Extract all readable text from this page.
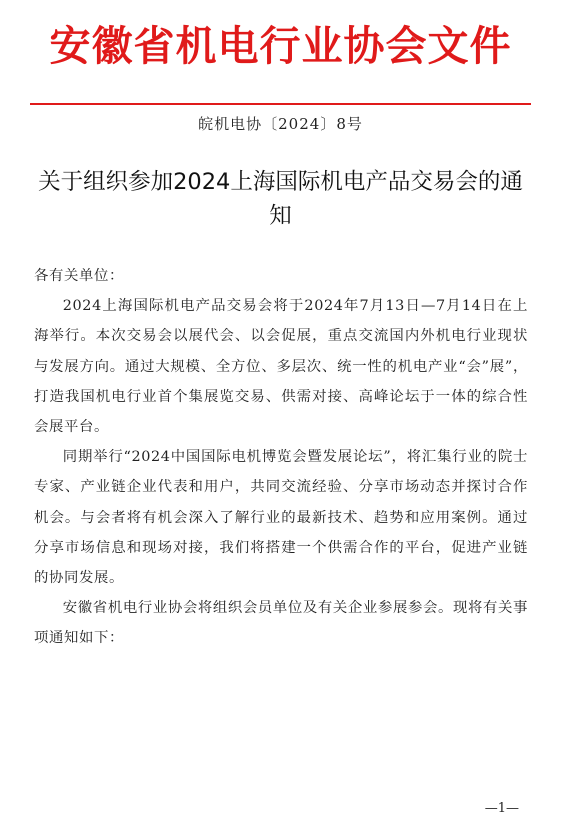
安徽省机电行业协会文件
皖机电协〔2024〕8号
关于组织参加2024上海国际机电产品交易会的通知

各有关单位：

2024上海国际机电产品交易会将于2024年7月13日—7月14日在上海举行。本次交易会以展代会、以会促展，重点交流国内外机电行业现状与发展方向。通过大规模、全方位、多层次、统一性的机电产业“会”展”，打造我国机电行业首个集展览交易、供需对接、高峰论坛于一体的综合性会展平台。

同期举行“2024中国国际电机博览会暨发展论坛”，将汇集行业的院士专家、产业链企业代表和用户，共同交流经验、分享市场动态并探讨合作机会。与会者将有机会深入了解行业的最新技术、趋势和应用案例。通过分享市场信息和现场对接，我们将搭建一个供需合作的平台，促进产业链的协同发展。

安徽省机电行业协会将组织会员单位及有关企业参展参会。现将有关事项通知如下：

—1—
